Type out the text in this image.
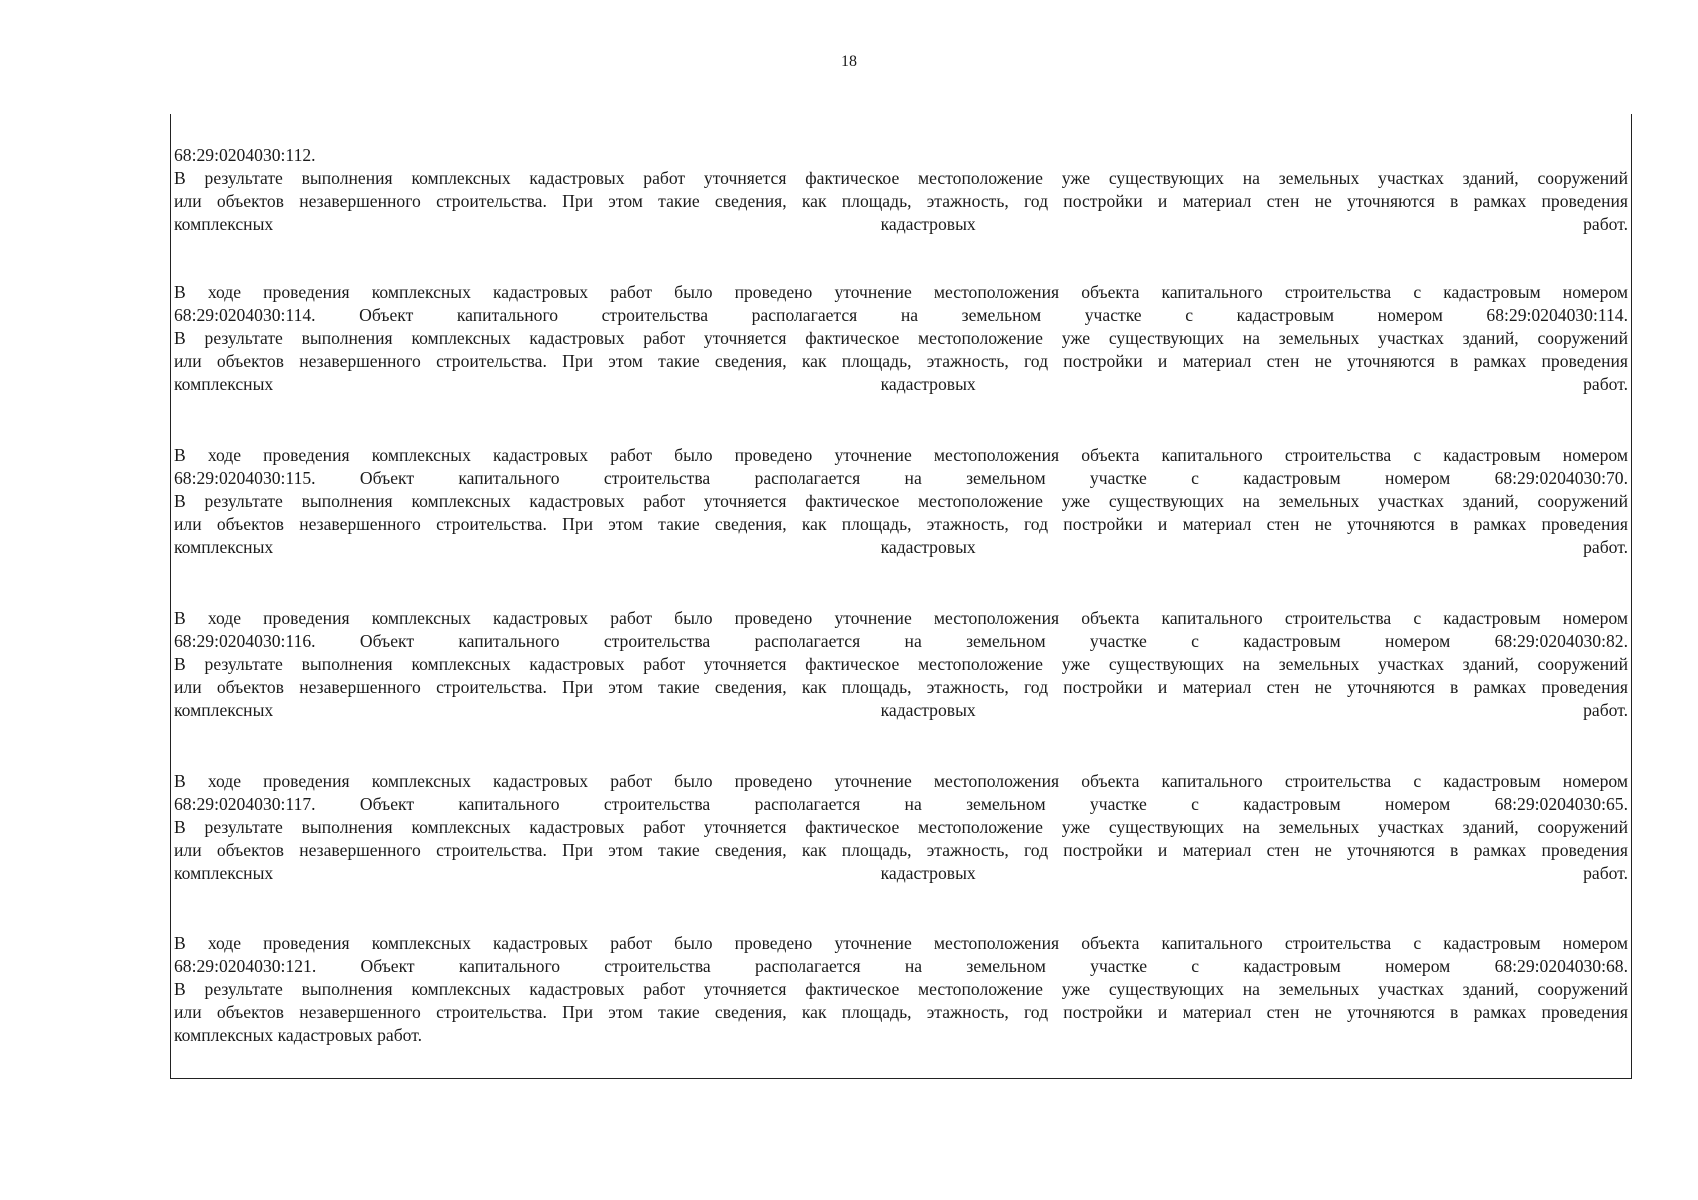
18
68:29:0204030:112.
В результате выполнения комплексных кадастровых работ уточняется фактическое местоположение уже существующих на земельных участках зданий, сооружений
или объектов незавершенного строительства. При этом такие сведения, как площадь, этажность, год постройки и материал стен не уточняются в рамках проведения
комплексных кадастровых работ.
В ходе проведения комплексных кадастровых работ было проведено уточнение местоположения объекта капитального строительства с кадастровым номером
68:29:0204030:114. Объект капитального строительства располагается на земельном участке с кадастровым номером 68:29:0204030:114.
В результате выполнения комплексных кадастровых работ уточняется фактическое местоположение уже существующих на земельных участках зданий, сооружений
или объектов незавершенного строительства. При этом такие сведения, как площадь, этажность, год постройки и материал стен не уточняются в рамках проведения
комплексных кадастровых работ.
В ходе проведения комплексных кадастровых работ было проведено уточнение местоположения объекта капитального строительства с кадастровым номером
68:29:0204030:115. Объект капитального строительства располагается на земельном участке с кадастровым номером 68:29:0204030:70.
В результате выполнения комплексных кадастровых работ уточняется фактическое местоположение уже существующих на земельных участках зданий, сооружений
или объектов незавершенного строительства. При этом такие сведения, как площадь, этажность, год постройки и материал стен не уточняются в рамках проведения
комплексных кадастровых работ.
В ходе проведения комплексных кадастровых работ было проведено уточнение местоположения объекта капитального строительства с кадастровым номером
68:29:0204030:116. Объект капитального строительства располагается на земельном участке с кадастровым номером 68:29:0204030:82.
В результате выполнения комплексных кадастровых работ уточняется фактическое местоположение уже существующих на земельных участках зданий, сооружений
или объектов незавершенного строительства. При этом такие сведения, как площадь, этажность, год постройки и материал стен не уточняются в рамках проведения
комплексных кадастровых работ.
В ходе проведения комплексных кадастровых работ было проведено уточнение местоположения объекта капитального строительства с кадастровым номером
68:29:0204030:117. Объект капитального строительства располагается на земельном участке с кадастровым номером 68:29:0204030:65.
В результате выполнения комплексных кадастровых работ уточняется фактическое местоположение уже существующих на земельных участках зданий, сооружений
или объектов незавершенного строительства. При этом такие сведения, как площадь, этажность, год постройки и материал стен не уточняются в рамках проведения
комплексных кадастровых работ.
В ходе проведения комплексных кадастровых работ было проведено уточнение местоположения объекта капитального строительства с кадастровым номером
68:29:0204030:121. Объект капитального строительства располагается на земельном участке с кадастровым номером 68:29:0204030:68.
В результате выполнения комплексных кадастровых работ уточняется фактическое местоположение уже существующих на земельных участках зданий, сооружений
или объектов незавершенного строительства. При этом такие сведения, как площадь, этажность, год постройки и материал стен не уточняются в рамках проведения
комплексных кадастровых работ.
